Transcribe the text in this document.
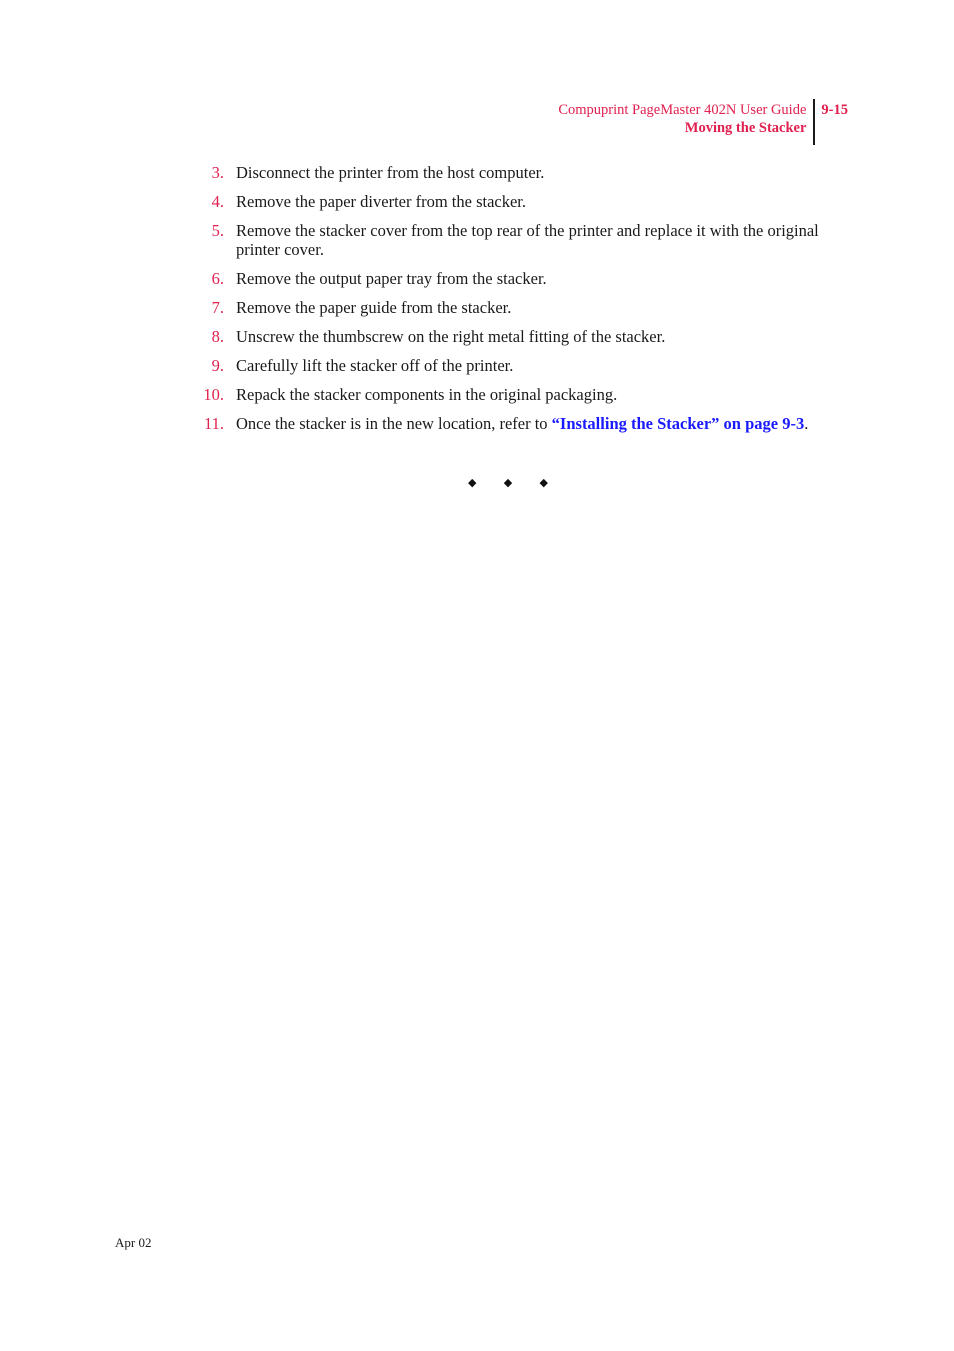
Compuprint PageMaster 402N User Guide
Moving the Stacker
9-15
3. Disconnect the printer from the host computer.
4. Remove the paper diverter from the stacker.
5. Remove the stacker cover from the top rear of the printer and replace it with the original printer cover.
6. Remove the output paper tray from the stacker.
7. Remove the paper guide from the stacker.
8. Unscrew the thumbscrew on the right metal fitting of the stacker.
9. Carefully lift the stacker off of the printer.
10. Repack the stacker components in the original packaging.
11. Once the stacker is in the new location, refer to “Installing the Stacker” on page 9-3.
◆ ◆ ◆
Apr 02
